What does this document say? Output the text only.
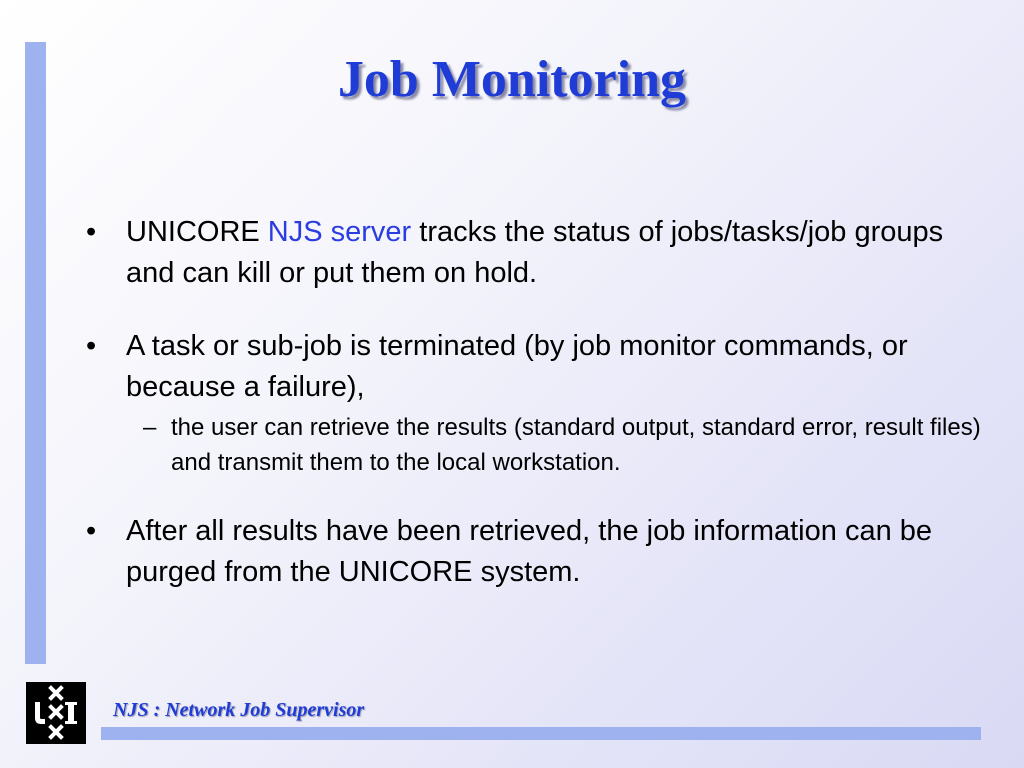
Job Monitoring
• UNICORE NJS server tracks the status of jobs/tasks/job groups and can kill or put them on hold.
• A task or sub-job is terminated (by job monitor commands, or because a failure),
– the user can retrieve the results (standard output, standard error, result files) and transmit them to the local workstation.
• After all results have been retrieved, the job information can be purged from the UNICORE system.
NJS : Network Job Supervisor
